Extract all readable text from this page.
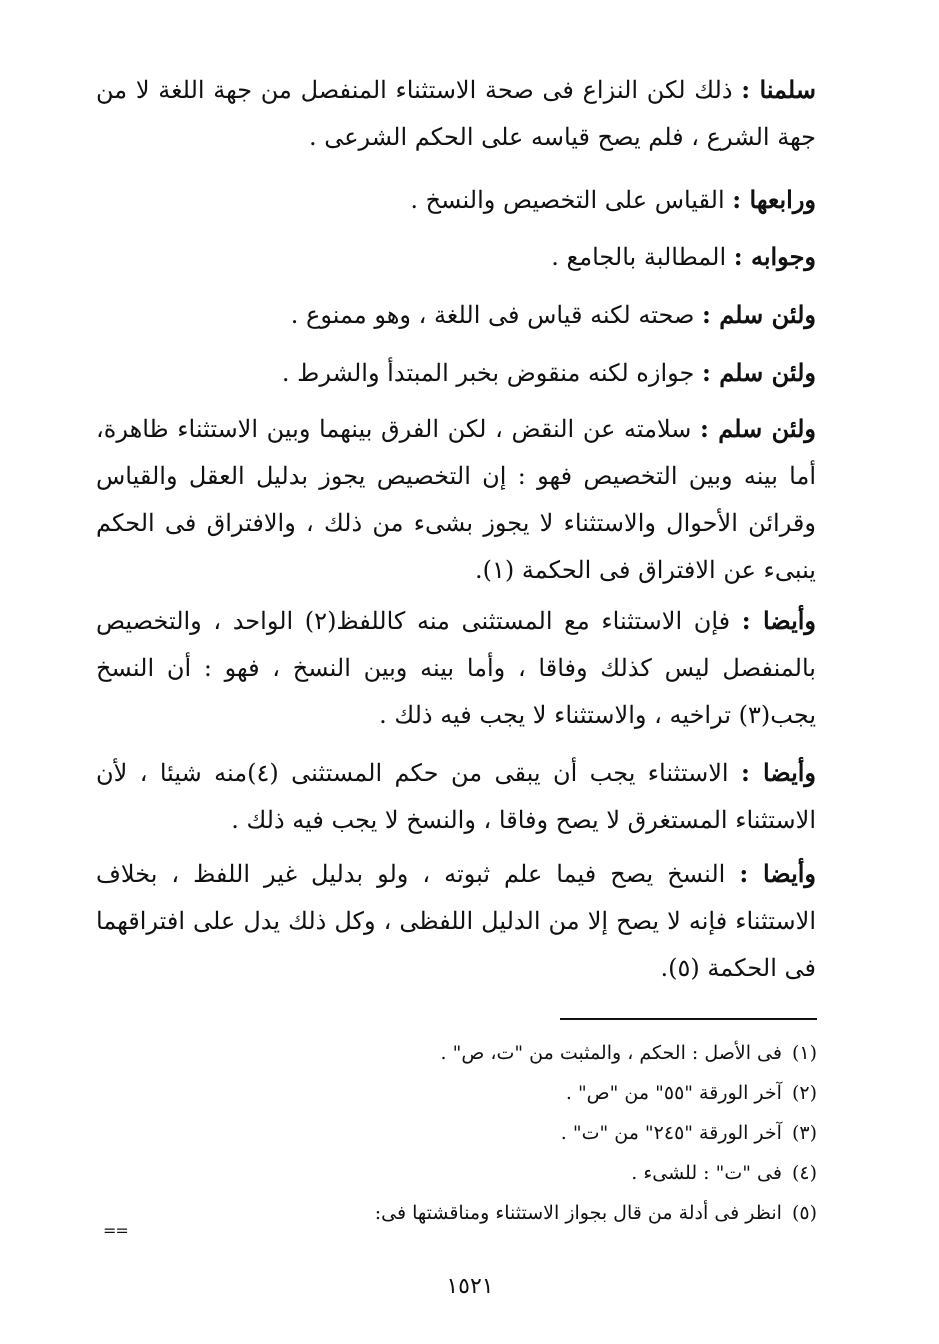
سلمنا : ذلك لكن النزاع فى صحة الاستثناء المنفصل من جهة اللغة لا من جهة الشرع ، فلم يصح قياسه على الحكم الشرعى .

ورابعها : القياس على التخصيص والنسخ .

وجوابه : المطالبة بالجامع .

ولئن سلم : صحته لكنه قياس فى اللغة ، وهو ممنوع .

ولئن سلم : جوازه لكنه منقوض بخبر المبتدأ والشرط .

ولئن سلم : سلامته عن النقض ، لكن الفرق بينهما وبين الاستثناء ظاهرة، أما بينه وبين التخصيص فهو : إن التخصيص يجوز بدليل العقل والقياس وقرائن الأحوال والاستثناء لا يجوز بشىء من ذلك ، والافتراق فى الحكم ينبىء عن الافتراق فى الحكمة (١).

وأيضا : فإن الاستثناء مع المستثنى منه كاللفظ(٢) الواحد ، والتخصيص بالمنفصل ليس كذلك وفاقا ، وأما بينه وبين النسخ ، فهو : أن النسخ يجب(٣) تراخيه ، والاستثناء لا يجب فيه ذلك .

وأيضا : الاستثناء يجب أن يبقى من حكم المستثنى (٤)منه شيئا ، لأن الاستثناء المستغرق لا يصح وفاقا ، والنسخ لا يجب فيه ذلك .

وأيضا : النسخ يصح فيما علم ثبوته ، ولو بدليل غير اللفظ ، بخلاف الاستثناء فإنه لا يصح إلا من الدليل اللفظى ، وكل ذلك يدل على افتراقهما فى الحكمة (٥).

(١)فى الأصل : الحكم ، والمثبت من "ت، ص" .
(٢)آخر الورقة "٥٥" من "ص" .
(٣)آخر الورقة "٢٤٥" من "ت" .
(٤)فى "ت" : للشىء .
(٥)انظر فى أدلة من قال بجواز الاستثناء ومناقشتها فى:
==
١٥٢١
